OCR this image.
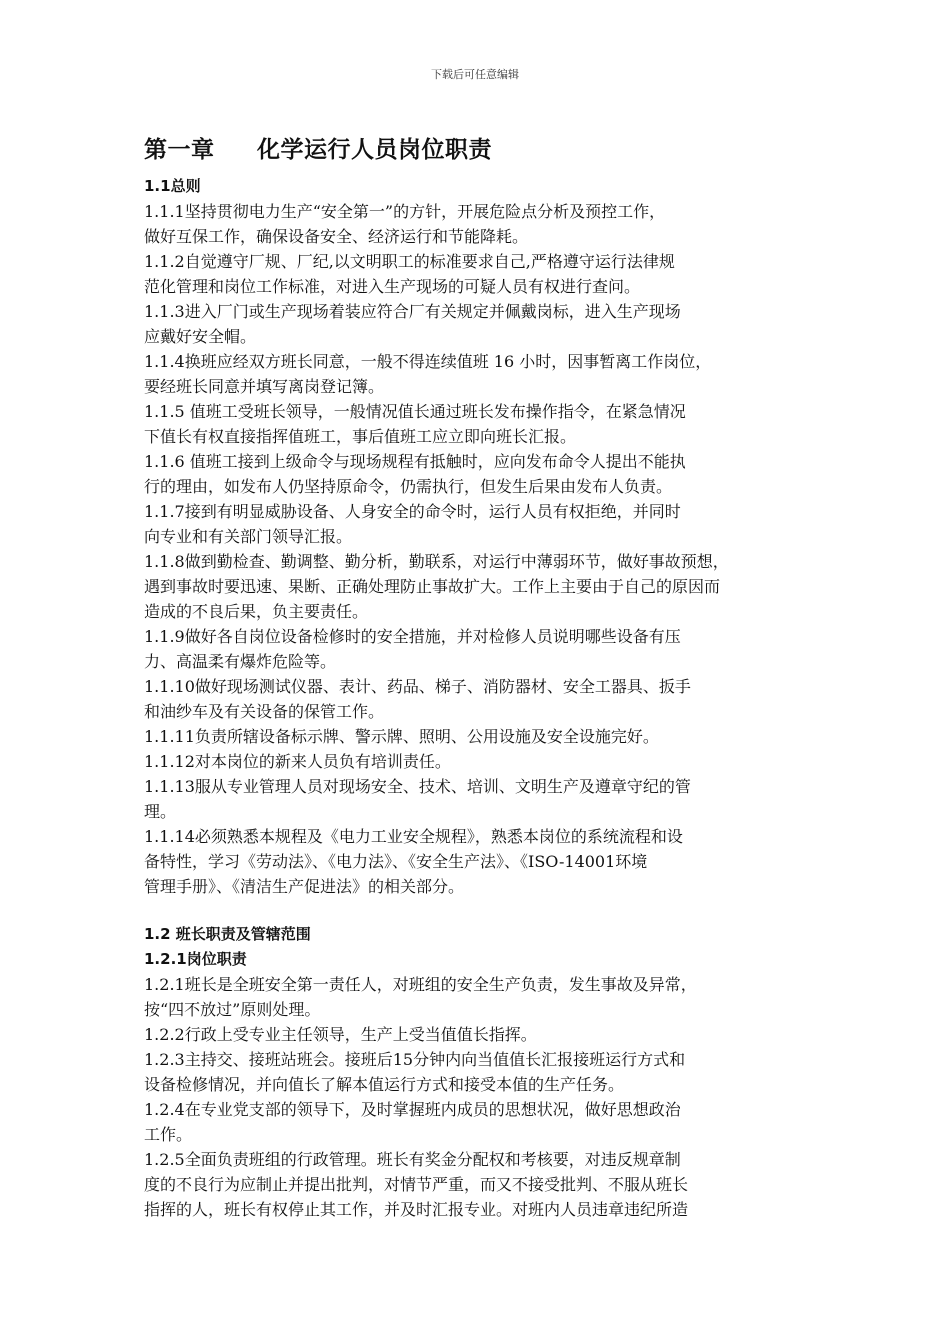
下载后可任意编辑
第一章 化学运行人员岗位职责
1.1总则
1.1.1坚持贯彻电力生产“安全第一”的方针，开展危险点分析及预控工作，
做好互保工作，确保设备安全、经济运行和节能降耗。
1.1.2自觉遵守厂规、厂纪,以文明职工的标准要求自己,严格遵守运行法律规
范化管理和岗位工作标准，对进入生产现场的可疑人员有权进行查问。
1.1.3进入厂门或生产现场着装应符合厂有关规定并佩戴岗标，进入生产现场
应戴好安全帽。
1.1.4换班应经双方班长同意，一般不得连续值班 16 小时，因事暂离工作岗位，
要经班长同意并填写离岗登记簿。
1.1.5 值班工受班长领导，一般情况值长通过班长发布操作指令，在紧急情况
下值长有权直接指挥值班工，事后值班工应立即向班长汇报。
1.1.6 值班工接到上级命令与现场规程有抵触时，应向发布命令人提出不能执
行的理由，如发布人仍坚持原命令，仍需执行，但发生后果由发布人负责。
1.1.7接到有明显威胁设备、人身安全的命令时，运行人员有权拒绝，并同时
向专业和有关部门领导汇报。
1.1.8做到勤检查、勤调整、勤分析，勤联系，对运行中薄弱环节，做好事故预想，
遇到事故时要迅速、果断、正确处理防止事故扩大。工作上主要由于自己的原因而
造成的不良后果，负主要责任。
1.1.9做好各自岗位设备检修时的安全措施，并对检修人员说明哪些设备有压
力、高温柔有爆炸危险等。
1.1.10做好现场测试仪器、表计、药品、梯子、消防器材、安全工器具、扳手
和油纱车及有关设备的保管工作。
1.1.11负责所辖设备标示牌、警示牌、照明、公用设施及安全设施完好。
1.1.12对本岗位的新来人员负有培训责任。
1.1.13服从专业管理人员对现场安全、技术、培训、文明生产及遵章守纪的管
理。
1.1.14必须熟悉本规程及《电力工业安全规程》，熟悉本岗位的系统流程和设
备特性，学习《劳动法》、《电力法》、《安全生产法》、《ISO-14001环境
管理手册》、《清洁生产促进法》的相关部分。
1.2 班长职责及管辖范围
1.2.1岗位职责
1.2.1班长是全班安全第一责任人，对班组的安全生产负责，发生事故及异常，
按“四不放过”原则处理。
1.2.2行政上受专业主任领导，生产上受当值值长指挥。
1.2.3主持交、接班站班会。接班后15分钟内向当值值长汇报接班运行方式和
设备检修情况，并向值长了解本值运行方式和接受本值的生产任务。
1.2.4在专业党支部的领导下，及时掌握班内成员的思想状况，做好思想政治
工作。
1.2.5全面负责班组的行政管理。班长有奖金分配权和考核要，对违反规章制
度的不良行为应制止并提出批判，对情节严重，而又不接受批判、不服从班长
指挥的人，班长有权停止其工作，并及时汇报专业。对班内人员违章违纪所造
